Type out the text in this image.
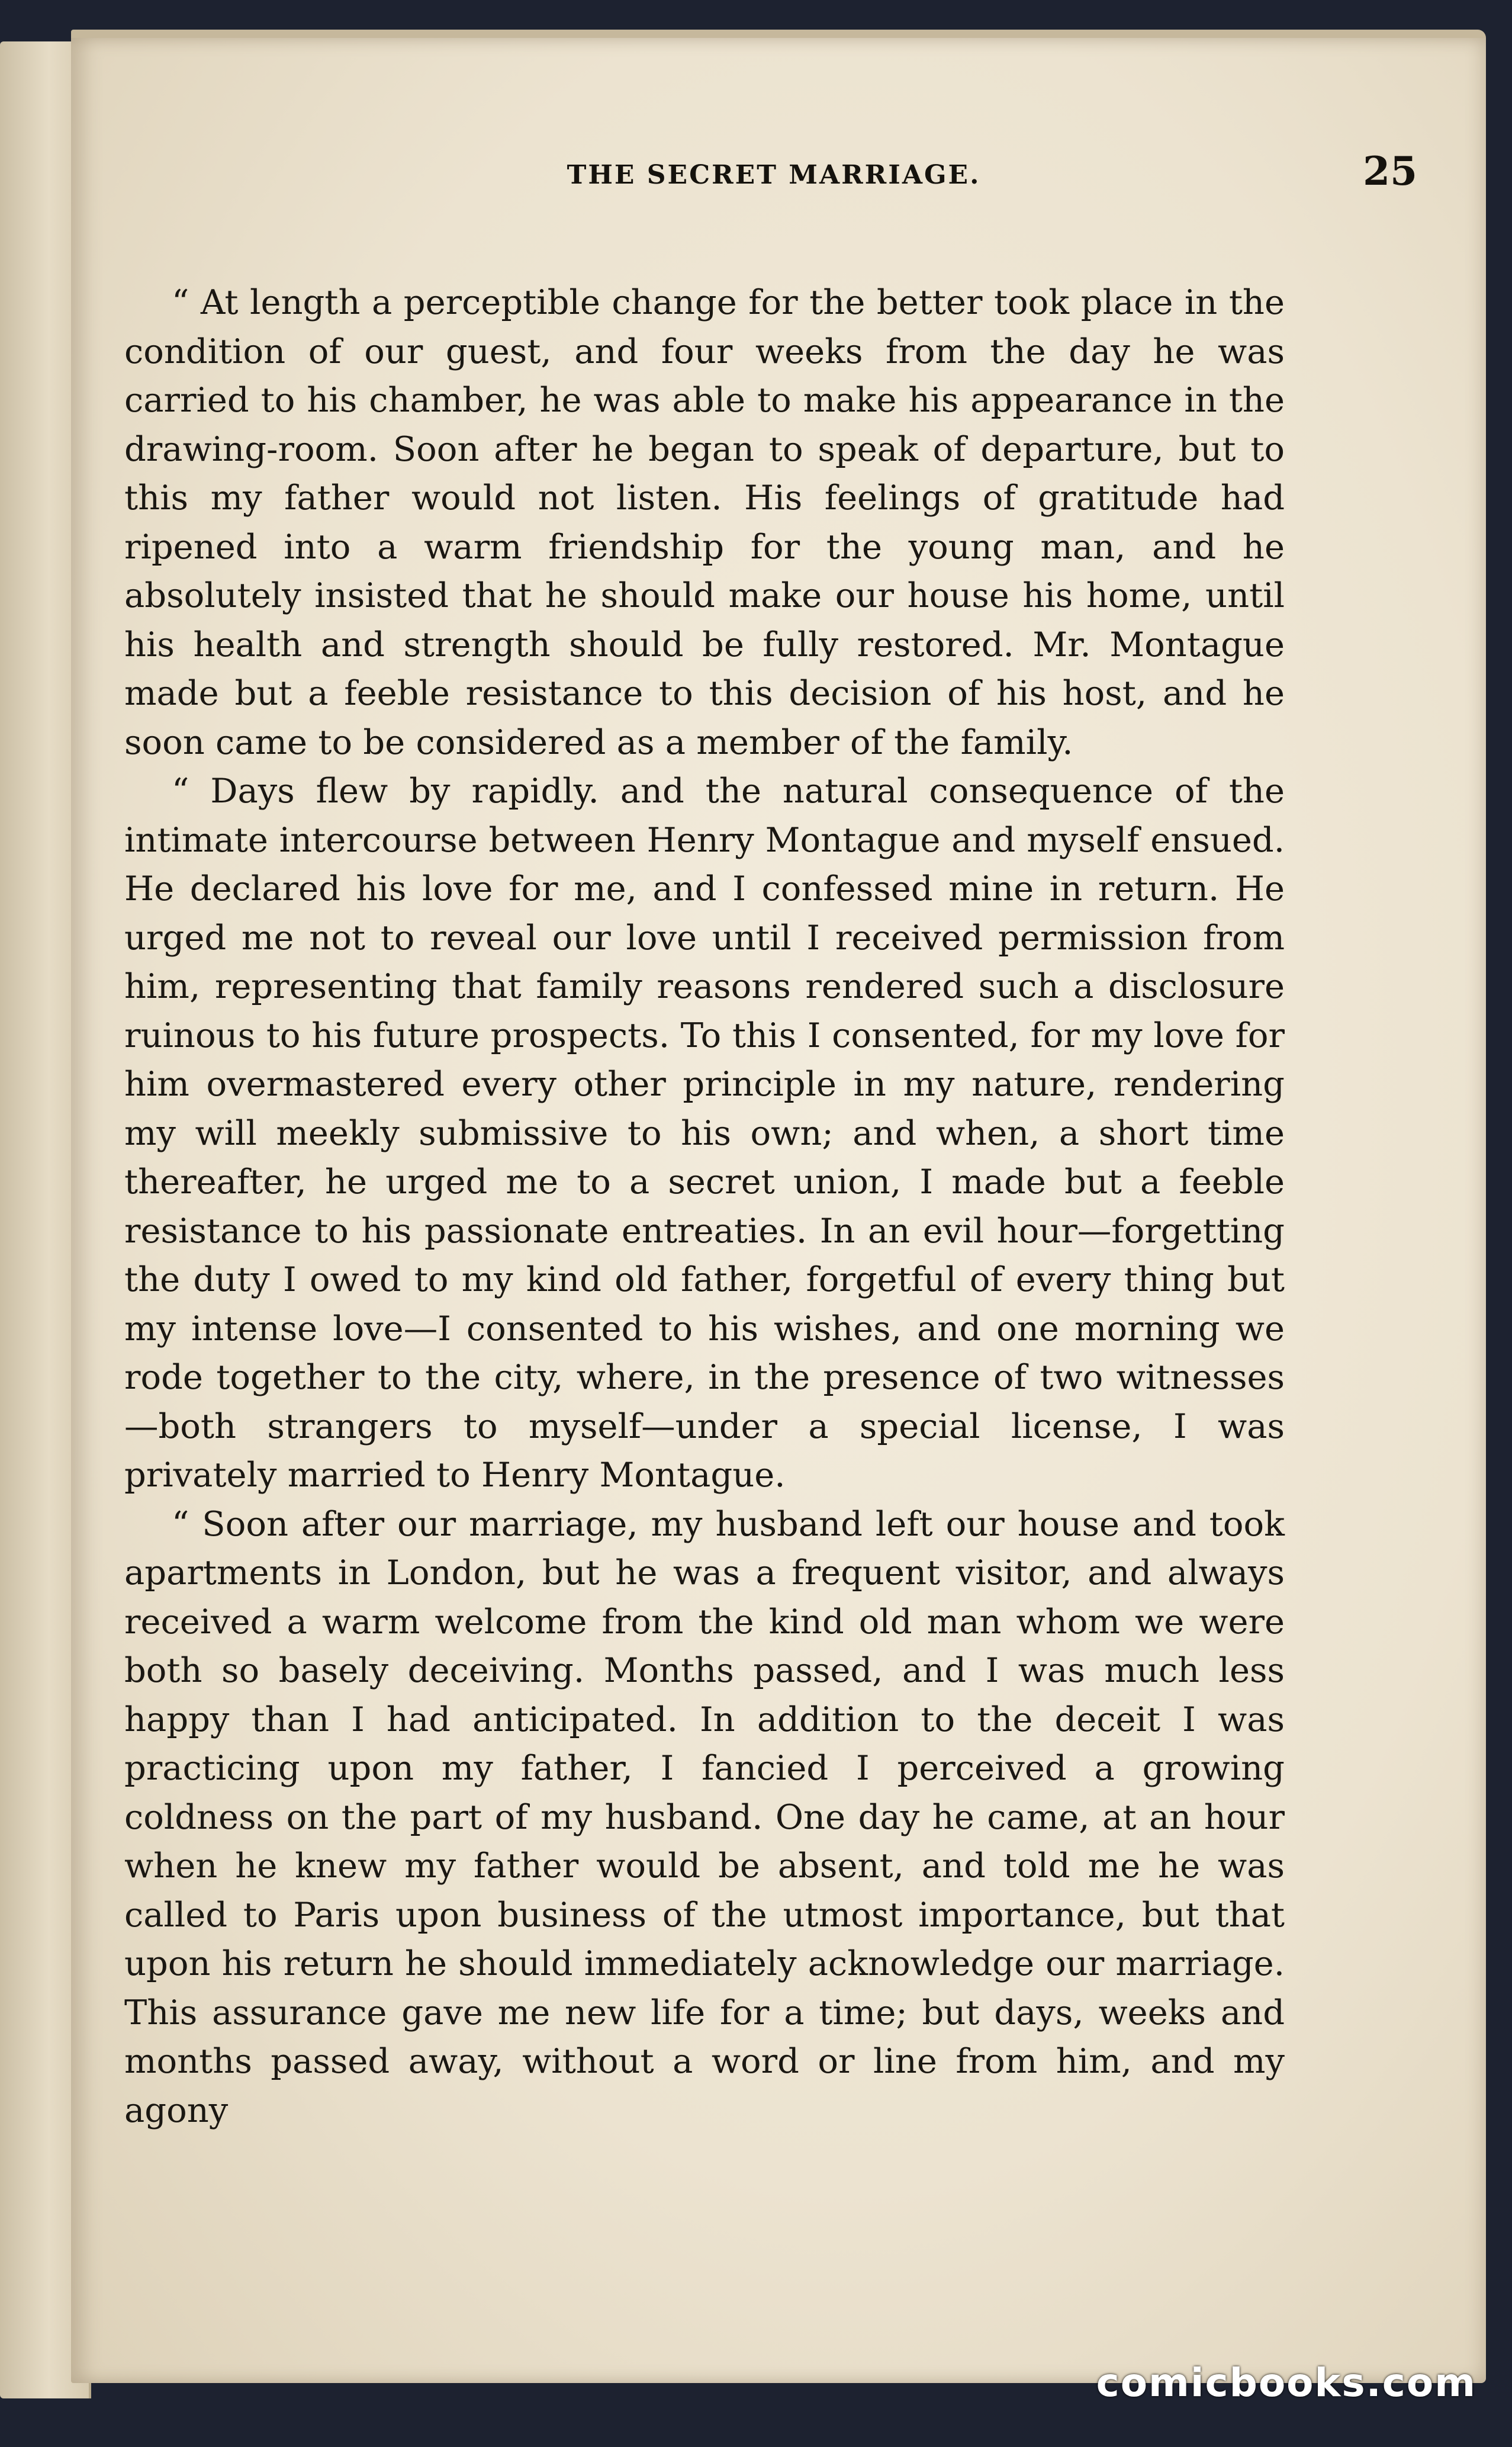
THE SECRET MARRIAGE.	25

“ At length a perceptible change for the better took place in the condition of our guest, and four weeks from the day he was carried to his chamber, he was able to make his appearance in the drawing-room. Soon after he began to speak of departure, but to this my father would not listen. His feelings of gratitude had ripened into a warm friendship for the young man, and he absolutely insisted that he should make our house his home, until his health and strength should be fully restored. Mr. Montague made but a feeble resistance to this decision of his host, and he soon came to be considered as a member of the family.

“ Days flew by rapidly. and the natural consequence of the intimate intercourse between Henry Montague and myself ensued. He declared his love for me, and I confessed mine in return. He urged me not to reveal our love until I received permission from him, representing that family reasons rendered such a disclosure ruinous to his future prospects. To this I consented, for my love for him overmastered every other principle in my nature, rendering my will meekly submissive to his own; and when, a short time thereafter, he urged me to a secret union, I made but a feeble resistance to his passionate entreaties. In an evil hour—forgetting the duty I owed to my kind old father, forgetful of every thing but my intense love—I consented to his wishes, and one morning we rode together to the city, where, in the presence of two witnesses—both strangers to myself—under a special license, I was privately married to Henry Montague.

“ Soon after our marriage, my husband left our house and took apartments in London, but he was a frequent visitor, and always received a warm welcome from the kind old man whom we were both so basely deceiving. Months passed, and I was much less happy than I had anticipated. In addition to the deceit I was practicing upon my father, I fancied I perceived a growing coldness on the part of my husband. One day he came, at an hour when he knew my father would be absent, and told me he was called to Paris upon business of the utmost importance, but that upon his return he should immediately acknowledge our marriage. This assurance gave me new life for a time; but days, weeks and months passed away, without a word or line from him, and my agony

comicbooks.com
